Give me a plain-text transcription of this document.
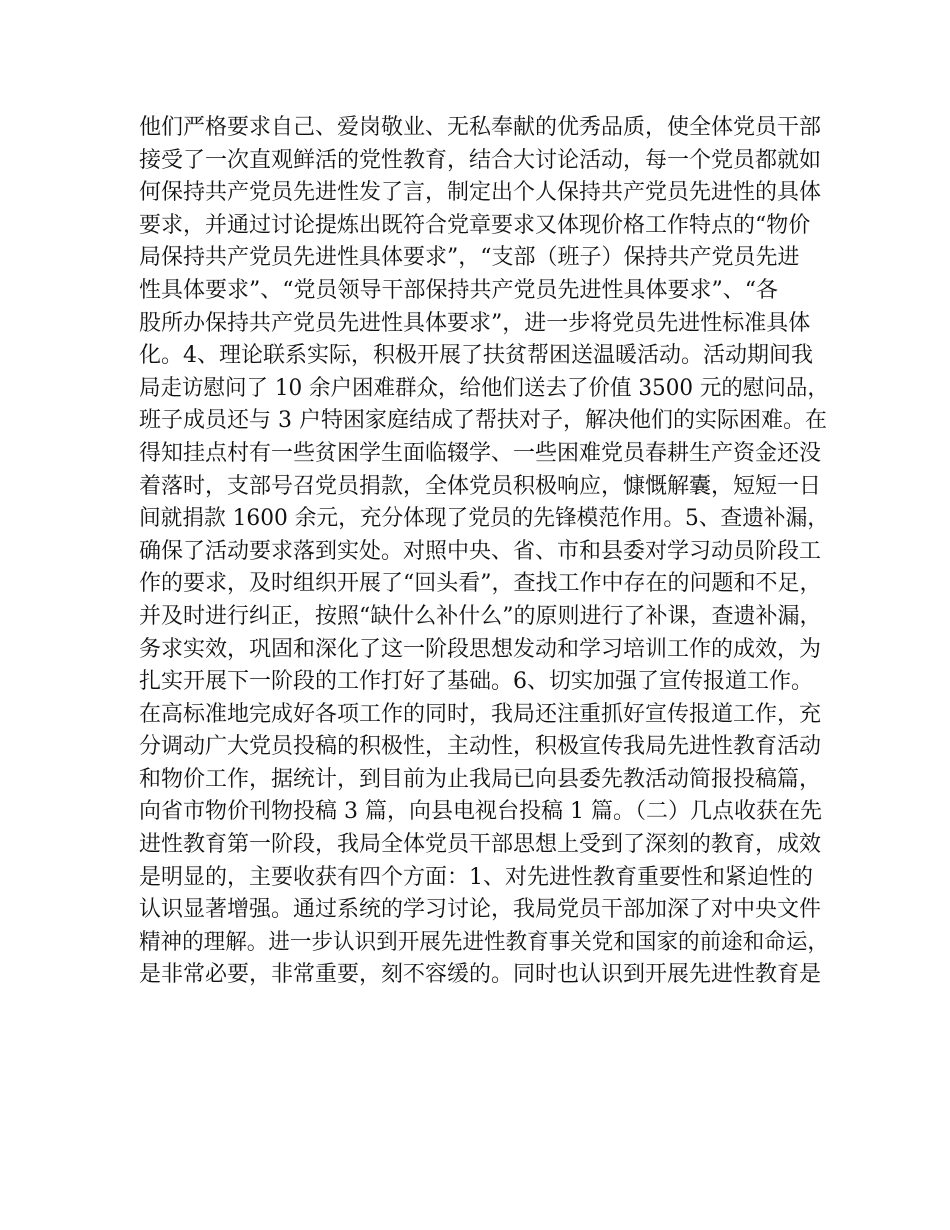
他们严格要求自己、爱岗敬业、无私奉献的优秀品质，使全体党员干部
接受了一次直观鲜活的党性教育，结合大讨论活动，每一个党员都就如
何保持共产党员先进性发了言，制定出个人保持共产党员先进性的具体
要求，并通过讨论提炼出既符合党章要求又体现价格工作特点的“物价
局保持共产党员先进性具体要求”，“支部（班子）保持共产党员先进
性具体要求”、“党员领导干部保持共产党员先进性具体要求”、“各
股所办保持共产党员先进性具体要求”，进一步将党员先进性标准具体
化。4、理论联系实际，积极开展了扶贫帮困送温暖活动。活动期间我
局走访慰问了 10 余户困难群众，给他们送去了价值 3500 元的慰问品，
班子成员还与 3 户特困家庭结成了帮扶对子，解决他们的实际困难。在
得知挂点村有一些贫困学生面临辍学、一些困难党员春耕生产资金还没
着落时，支部号召党员捐款，全体党员积极响应，慷慨解囊，短短一日
间就捐款 1600 余元，充分体现了党员的先锋模范作用。5、查遗补漏，
确保了活动要求落到实处。对照中央、省、市和县委对学习动员阶段工
作的要求，及时组织开展了“回头看”，查找工作中存在的问题和不足，
并及时进行纠正，按照“缺什么补什么”的原则进行了补课，查遗补漏，
务求实效，巩固和深化了这一阶段思想发动和学习培训工作的成效，为
扎实开展下一阶段的工作打好了基础。6、切实加强了宣传报道工作。
在高标准地完成好各项工作的同时，我局还注重抓好宣传报道工作，充
分调动广大党员投稿的积极性，主动性，积极宣传我局先进性教育活动
和物价工作，据统计，到目前为止我局已向县委先教活动简报投稿篇，
向省市物价刊物投稿 3 篇，向县电视台投稿 1 篇。（二）几点收获在先
进性教育第一阶段，我局全体党员干部思想上受到了深刻的教育，成效
是明显的，主要收获有四个方面：1、对先进性教育重要性和紧迫性的
认识显著增强。通过系统的学习讨论，我局党员干部加深了对中央文件
精神的理解。进一步认识到开展先进性教育事关党和国家的前途和命运，
是非常必要，非常重要，刻不容缓的。同时也认识到开展先进性教育是
